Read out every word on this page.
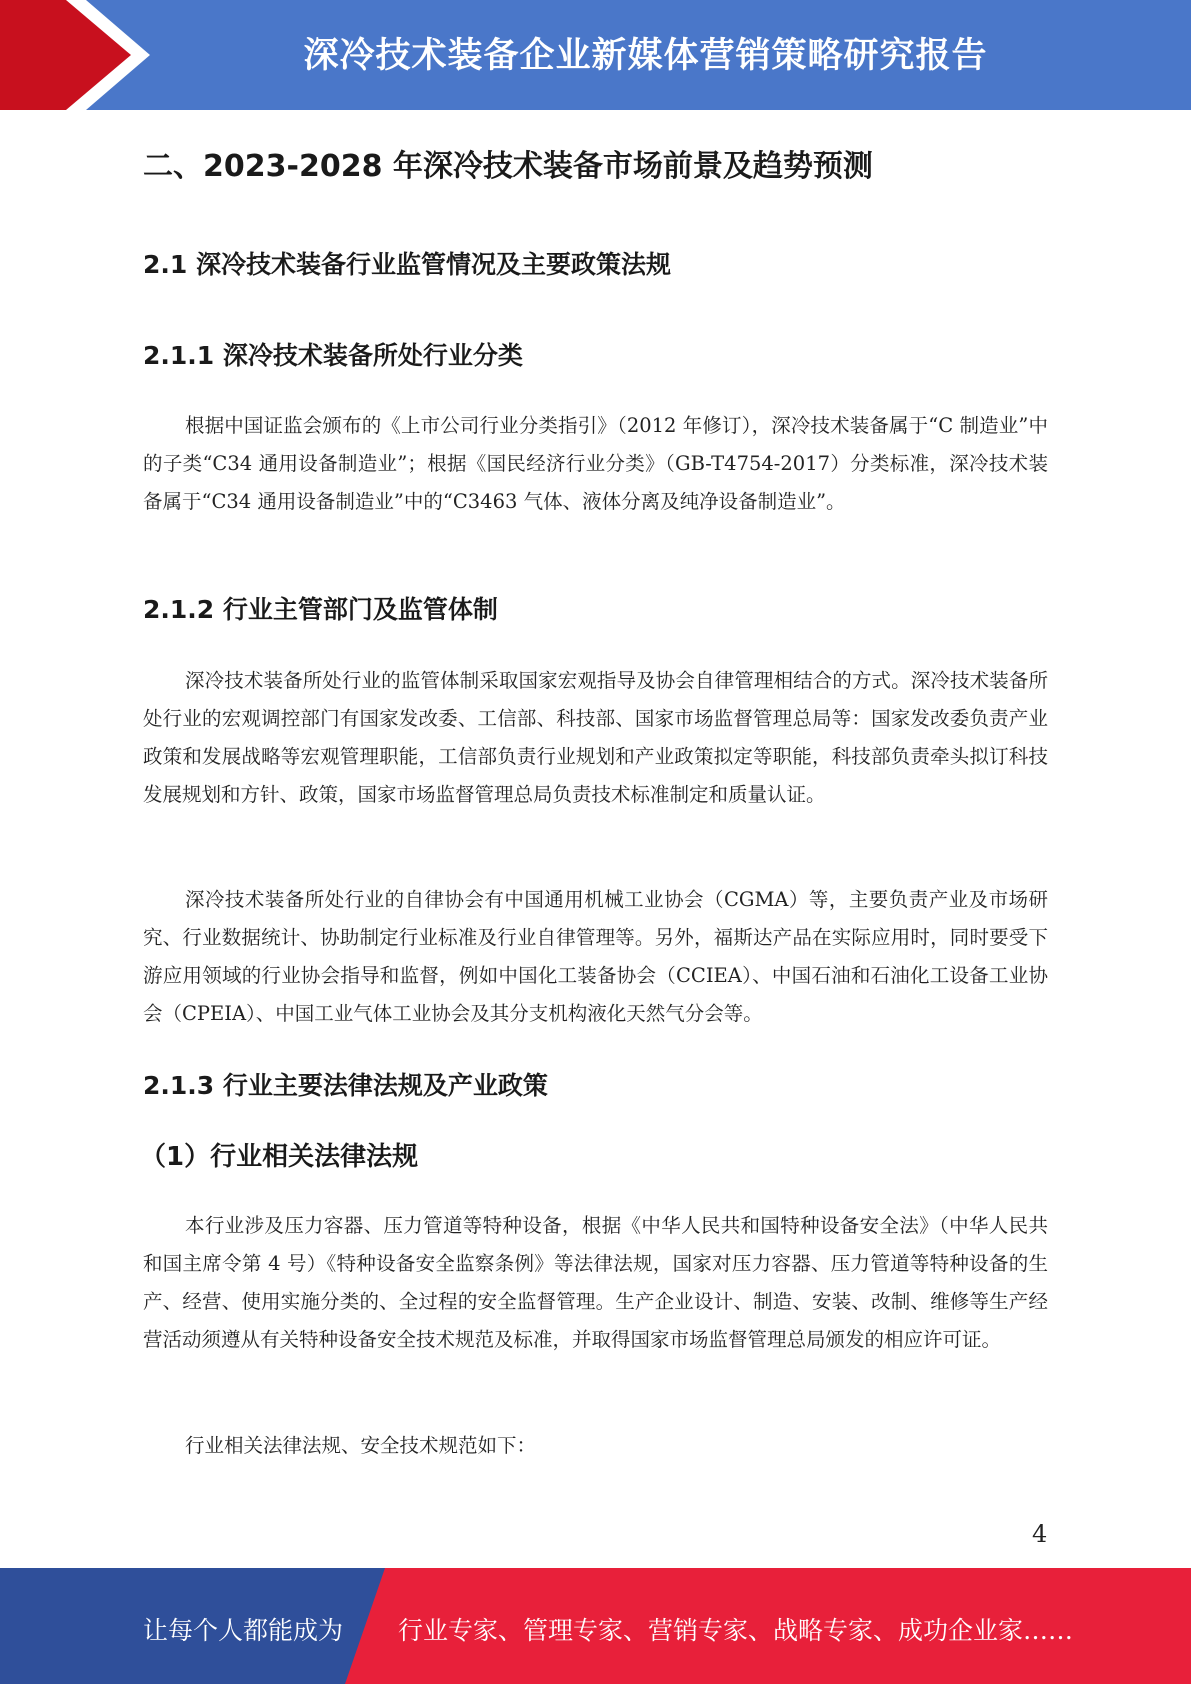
深冷技术装备企业新媒体营销策略研究报告
二、2023-2028 年深冷技术装备市场前景及趋势预测
2.1 深冷技术装备行业监管情况及主要政策法规
2.1.1 深冷技术装备所处行业分类
根据中国证监会颁布的《上市公司行业分类指引》（2012 年修订），深冷技术装备属于“C 制造业”中的子类“C34 通用设备制造业”；根据《国民经济行业分类》（GB-T4754-2017）分类标准，深冷技术装备属于“C34 通用设备制造业”中的“C3463 气体、液体分离及纯净设备制造业”。
2.1.2 行业主管部门及监管体制
深冷技术装备所处行业的监管体制采取国家宏观指导及协会自律管理相结合的方式。深冷技术装备所处行业的宏观调控部门有国家发改委、工信部、科技部、国家市场监督管理总局等：国家发改委负责产业政策和发展战略等宏观管理职能，工信部负责行业规划和产业政策拟定等职能，科技部负责牵头拟订科技发展规划和方针、政策，国家市场监督管理总局负责技术标准制定和质量认证。
深冷技术装备所处行业的自律协会有中国通用机械工业协会（CGMA）等，主要负责产业及市场研究、行业数据统计、协助制定行业标准及行业自律管理等。另外，福斯达产品在实际应用时，同时要受下游应用领域的行业协会指导和监督，例如中国化工装备协会（CCIEA）、中国石油和石油化工设备工业协会（CPEIA）、中国工业气体工业协会及其分支机构液化天然气分会等。
2.1.3 行业主要法律法规及产业政策
（1）行业相关法律法规
本行业涉及压力容器、压力管道等特种设备，根据《中华人民共和国特种设备安全法》（中华人民共和国主席令第 4 号）《特种设备安全监察条例》等法律法规，国家对压力容器、压力管道等特种设备的生产、经营、使用实施分类的、全过程的安全监督管理。生产企业设计、制造、安装、改制、维修等生产经营活动须遵从有关特种设备安全技术规范及标准，并取得国家市场监督管理总局颁发的相应许可证。
行业相关法律法规、安全技术规范如下：
4
让每个人都能成为 行业专家、管理专家、营销专家、战略专家、成功企业家……
